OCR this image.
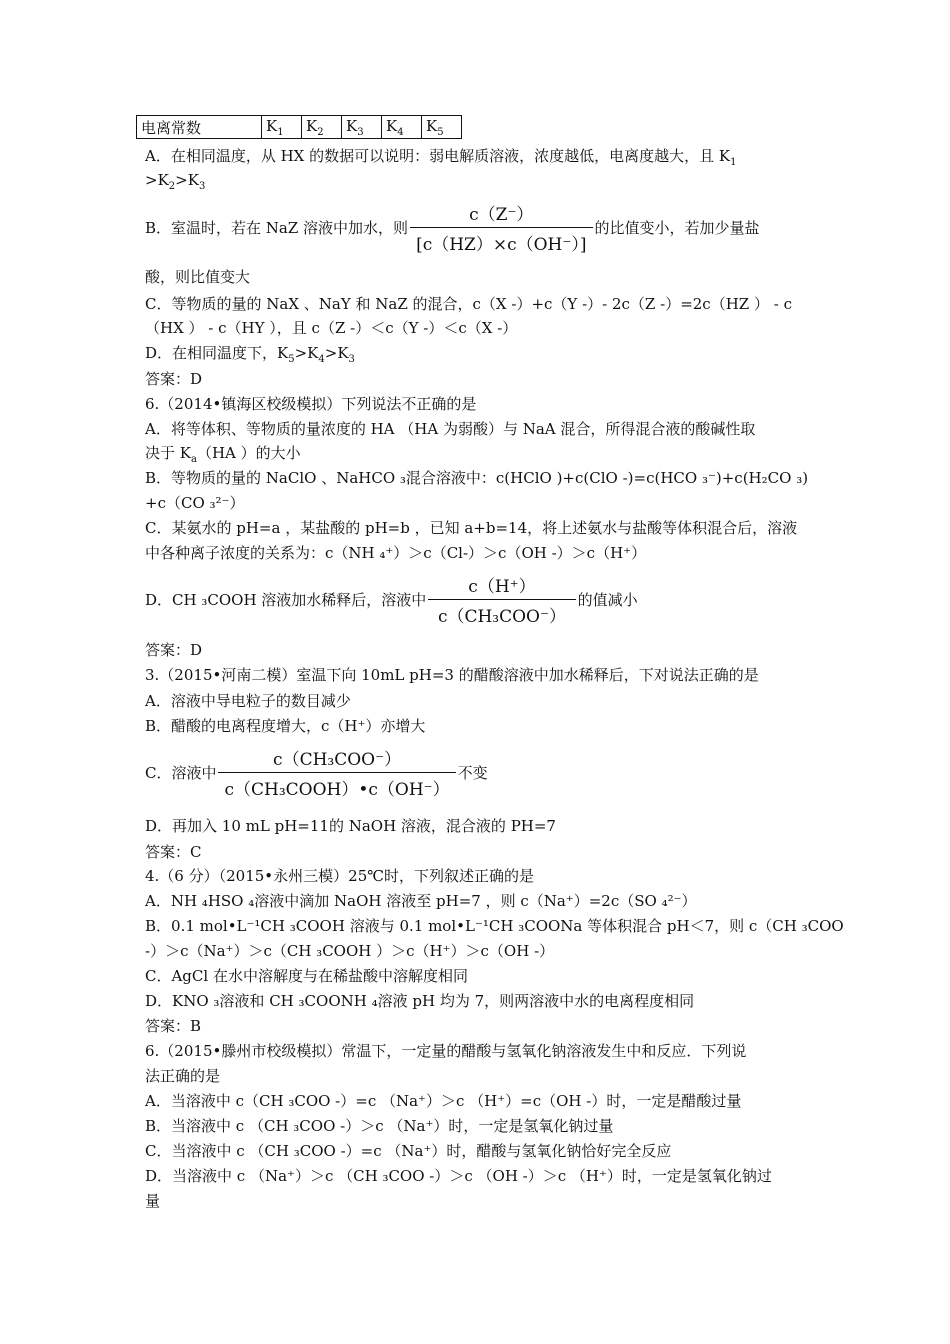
电离常数	$K_1$	$K_2$	$K_3$	$K_4$	$K_5$
A．在相同温度，从 HX 的数据可以说明：弱电解质溶液，浓度越低，电离度越大，且 $K_1$
$>K_2>K_3$
B．室温时，若在 NaZ 溶液中加水，则 $\frac{c(Z^-)}{[c(HZ)\times c(OH^-)]}$ 的比值变小，若加少量盐
酸，则比值变大
C．等物质的量的 NaX 、NaY 和 NaZ 的混合，c（X -）+c（Y -）- 2c（Z -）=2c（HZ ） - c
（HX ） - c（HY ），且 c（Z -）＜c（Y -）＜c（X -）
D．在相同温度下，$K_5>K_4>K_3$
答案：D
6.（2014•镇海区校级模拟）下列说法不正确的是
A．将等体积、等物质的量浓度的 HA （HA 为弱酸）与 NaA 混合，所得混合液的酸碱性取
决于 $K_a(HA$ ）的大小
B．等物质的量的 NaClO 、NaHCO ₃混合溶液中：c(HClO )+c(ClO -)=c(HCO ₃⁻)+c(H₂CO ₃)
+c（CO ₃²⁻）
C．某氨水的 pH=a ，某盐酸的 pH=b ，已知 a+b=14，将上述氨水与盐酸等体积混合后，溶液
中各种离子浓度的关系为：c（NH ₄⁺）＞c（Cl-）＞c（OH -）＞c（H⁺）
D．CH ₃COOH 溶液加水稀释后，溶液中 $\frac{c(H^+)}{\text{c（CH₃COO⁻）}}$ 的值减小
答案：D
3.（2015•河南二模）室温下向 10mL pH=3 的醋酸溶液中加水稀释后，下对说法正确的是
A．溶液中导电粒子的数目减少
B．醋酸的电离程度增大，c（H⁺）亦增大
C．溶液中 $\frac{\text{c（CH₃COO⁻）}}{\text{c（CH₃COOH）•c（OH⁻）}}$ 不变
D．再加入 10 mL pH=11的 NaOH 溶液，混合液的 PH=7
答案：C
4.（6 分）（2015•永州三模）25℃时，下列叙述正确的是
A．NH ₄HSO ₄溶液中滴加 NaOH 溶液至 pH=7 ，则 c（Na⁺）=2c（SO ₄²⁻）
B．0.1 mol•L⁻¹CH ₃COOH 溶液与 0.1 mol•L⁻¹CH ₃COONa 等体积混合 pH＜7，则 c（CH ₃COO
-）＞c（Na⁺）＞c（CH ₃COOH ）＞c（H⁺）＞c（OH -）
C．AgCl 在水中溶解度与在稀盐酸中溶解度相同
D．KNO ₃溶液和 CH ₃COONH ₄溶液 pH 均为 7，则两溶液中水的电离程度相同
答案：B
6.（2015•滕州市校级模拟）常温下，一定量的醋酸与氢氧化钠溶液发生中和反应．下列说
法正确的是
A．当溶液中 c（CH ₃COO -）=c （Na⁺）＞c （H⁺）=c（OH -）时，一定是醋酸过量
B．当溶液中 c （CH ₃COO -）＞c （Na⁺）时，一定是氢氧化钠过量
C．当溶液中 c （CH ₃COO -）=c （Na⁺）时，醋酸与氢氧化钠恰好完全反应
D．当溶液中 c （Na⁺）＞c （CH ₃COO -）＞c （OH -）＞c （H⁺）时，一定是氢氧化钠过
量
